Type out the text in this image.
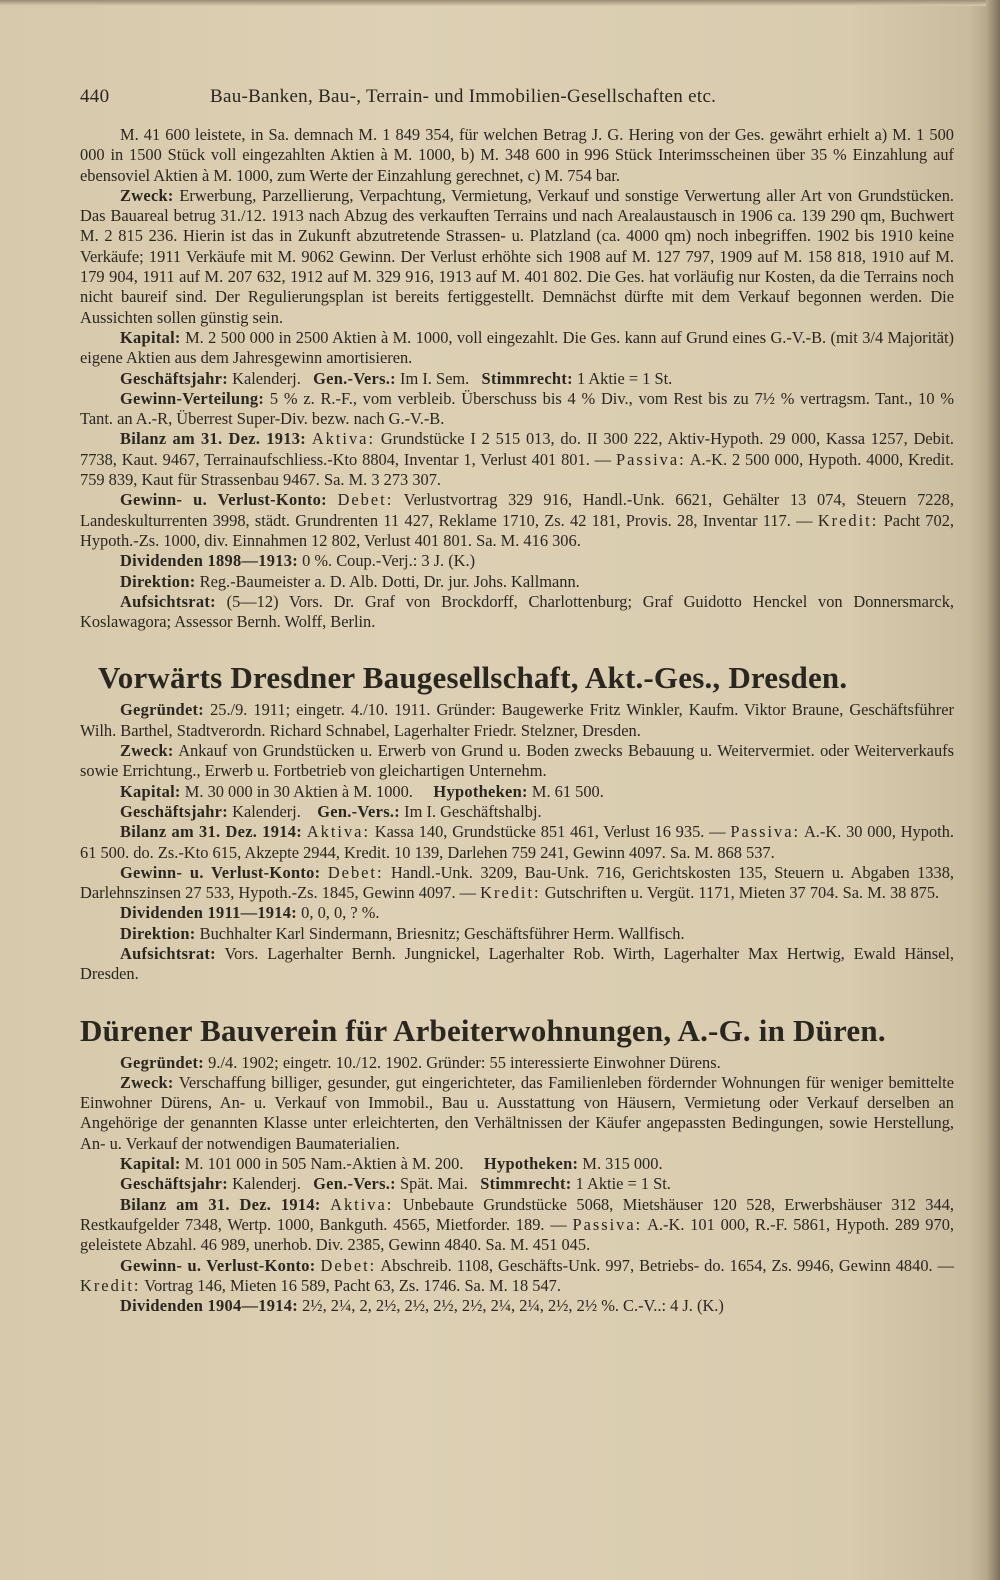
440	Bau-Banken, Bau-, Terrain- und Immobilien-Gesellschaften etc.

M. 41 600 leistete, in Sa. demnach M. 1 849 354, für welchen Betrag J. G. Hering von der Ges. gewährt erhielt a) M. 1 500 000 in 1500 Stück voll eingezahlten Aktien à M. 1000, b) M. 348 600 in 996 Stück Interimsscheinen über 35 % Einzahlung auf ebensoviel Aktien à M. 1000, zum Werte der Einzahlung gerechnet, c) M. 754 bar.

Zweck: Erwerbung, Parzellierung, Verpachtung, Vermietung, Verkauf und sonstige Verwertung aller Art von Grundstücken. Das Bauareal betrug 31./12. 1913 nach Abzug des verkauften Terrains und nach Arealaustausch in 1906 ca. 139 290 qm, Buchwert M. 2 815 236. Hierin ist das in Zukunft abzutretende Strassen- u. Platzland (ca. 4000 qm) noch inbegriffen. 1902 bis 1910 keine Verkäufe; 1911 Verkäufe mit M. 9062 Gewinn. Der Verlust erhöhte sich 1908 auf M. 127 797, 1909 auf M. 158 818, 1910 auf M. 179 904, 1911 auf M. 207 632, 1912 auf M. 329 916, 1913 auf M. 401 802. Die Ges. hat vorläufig nur Kosten, da die Terrains noch nicht baureif sind. Der Regulierungsplan ist bereits fertiggestellt. Demnächst dürfte mit dem Verkauf begonnen werden. Die Aussichten sollen günstig sein.

Kapital: M. 2 500 000 in 2500 Aktien à M. 1000, voll eingezahlt. Die Ges. kann auf Grund eines G.-V.-B. (mit 3/4 Majorität) eigene Aktien aus dem Jahresgewinn amortisieren.

Geschäftsjahr: Kalenderj. Gen.-Vers.: Im I. Sem. Stimmrecht: 1 Aktie = 1 St.

Gewinn-Verteilung: 5 % z. R.-F., vom verbleib. Überschuss bis 4 % Div., vom Rest bis zu 7½ % vertragsm. Tant., 10 % Tant. an A.-R, Überrest Super-Div. bezw. nach G.-V.-B.

Bilanz am 31. Dez. 1913: Aktiva: Grundstücke I 2 515 013, do. II 300 222, Aktiv-Hypoth. 29 000, Kassa 1257, Debit. 7738, Kaut. 9467, Terrainaufschliess.-Kto 8804, Inventar 1, Verlust 401 801. — Passiva: A.-K. 2 500 000, Hypoth. 4000, Kredit. 759 839, Kaut für Strassenbau 9467. Sa. M. 3 273 307.

Gewinn- u. Verlust-Konto: Debet: Verlustvortrag 329 916, Handl.-Unk. 6621, Gehälter 13 074, Steuern 7228, Landeskulturrenten 3998, städt. Grundrenten 11 427, Reklame 1710, Zs. 42 181, Provis. 28, Inventar 117. — Kredit: Pacht 702, Hypoth.-Zs. 1000, div. Einnahmen 12 802, Verlust 401 801. Sa. M. 416 306.

Dividenden 1898—1913: 0 %. Coup.-Verj.: 3 J. (K.)

Direktion: Reg.-Baumeister a. D. Alb. Dotti, Dr. jur. Johs. Kallmann.

Aufsichtsrat: (5—12) Vors. Dr. Graf von Brockdorff, Charlottenburg; Graf Guidotto Henckel von Donnersmarck, Koslawagora; Assessor Bernh. Wolff, Berlin.

Vorwärts Dresdner Baugesellschaft, Akt.-Ges., Dresden.

Gegründet: 25./9. 1911; eingetr. 4./10. 1911. Gründer: Baugewerke Fritz Winkler, Kaufm. Viktor Braune, Geschäftsführer Wilh. Barthel, Stadtverordn. Richard Schnabel, Lagerhalter Friedr. Stelzner, Dresden.

Zweck: Ankauf von Grundstücken u. Erwerb von Grund u. Boden zwecks Bebauung u. Weitervermiet. oder Weiterverkaufs sowie Errichtung., Erwerb u. Fortbetrieb von gleichartigen Unternehm.

Kapital: M. 30 000 in 30 Aktien à M. 1000. Hypotheken: M. 61 500.

Geschäftsjahr: Kalenderj. Gen.-Vers.: Im I. Geschäftshalbj.

Bilanz am 31. Dez. 1914: Aktiva: Kassa 140, Grundstücke 851 461, Verlust 16 935. — Passiva: A.-K. 30 000, Hypoth. 61 500. do. Zs.-Kto 615, Akzepte 2944, Kredit. 10 139, Darlehen 759 241, Gewinn 4097. Sa. M. 868 537.

Gewinn- u. Verlust-Konto: Debet: Handl.-Unk. 3209, Bau-Unk. 716, Gerichtskosten 135, Steuern u. Abgaben 1338, Darlehnszinsen 27 533, Hypoth.-Zs. 1845, Gewinn 4097. — Kredit: Gutschriften u. Vergüt. 1171, Mieten 37 704. Sa. M. 38 875.

Dividenden 1911—1914: 0, 0, 0, ? %.

Direktion: Buchhalter Karl Sindermann, Briesnitz; Geschäftsführer Herm. Wallfisch.

Aufsichtsrat: Vors. Lagerhalter Bernh. Jungnickel, Lagerhalter Rob. Wirth, Lagerhalter Max Hertwig, Ewald Hänsel, Dresden.

Dürener Bauverein für Arbeiterwohnungen, A.-G. in Düren.

Gegründet: 9./4. 1902; eingetr. 10./12. 1902. Gründer: 55 interessierte Einwohner Dürens.

Zweck: Verschaffung billiger, gesunder, gut eingerichteter, das Familienleben fördernder Wohnungen für weniger bemittelte Einwohner Dürens, An- u. Verkauf von Immobil., Bau u. Ausstattung von Häusern, Vermietung oder Verkauf derselben an Angehörige der genannten Klasse unter erleichterten, den Verhältnissen der Käufer angepassten Bedingungen, sowie Herstellung, An- u. Verkauf der notwendigen Baumaterialien.

Kapital: M. 101 000 in 505 Nam.-Aktien à M. 200. Hypotheken: M. 315 000.

Geschäftsjahr: Kalenderj. Gen.-Vers.: Spät. Mai. Stimmrecht: 1 Aktie = 1 St.

Bilanz am 31. Dez. 1914: Aktiva: Unbebaute Grundstücke 5068, Mietshäuser 120 528, Erwerbshäuser 312 344, Restkaufgelder 7348, Wertp. 1000, Bankguth. 4565, Mietforder. 189. — Passiva: A.-K. 101 000, R.-F. 5861, Hypoth. 289 970, geleistete Abzahl. 46 989, unerhob. Div. 2385, Gewinn 4840. Sa. M. 451 045.

Gewinn- u. Verlust-Konto: Debet: Abschreib. 1108, Geschäfts-Unk. 997, Betriebs- do. 1654, Zs. 9946, Gewinn 4840. — Kredit: Vortrag 146, Mieten 16 589, Pacht 63, Zs. 1746. Sa. M. 18 547.

Dividenden 1904—1914: 2½, 2¼, 2, 2½, 2½, 2½, 2½, 2¼, 2¼, 2½, 2½ %. C.-V..: 4 J. (K.)
